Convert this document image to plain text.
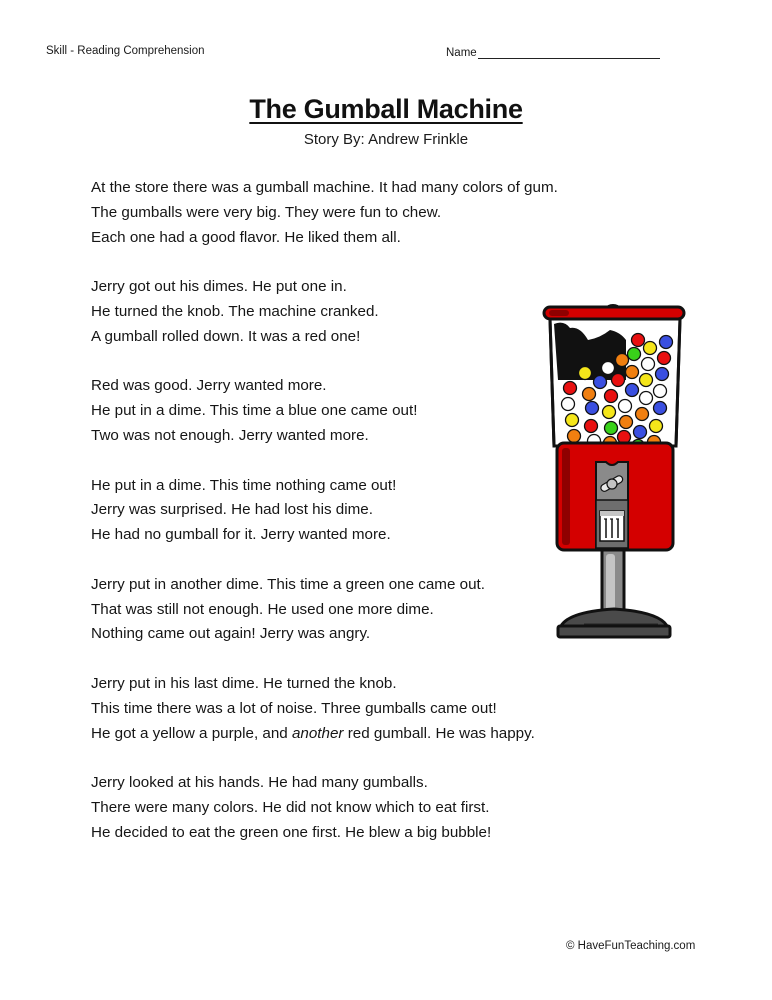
Skill - Reading Comprehension	Name
The Gumball Machine
Story By: Andrew Frinkle

At the store there was a gumball machine. It had many colors of gum.
The gumballs were very big. They were fun to chew.
Each one had a good flavor. He liked them all.

Jerry got out his dimes. He put one in.
He turned the knob. The machine cranked.
A gumball rolled down. It was a red one!

Red was good. Jerry wanted more.
He put in a dime. This time a blue one came out!
Two was not enough. Jerry wanted more.

He put in a dime. This time nothing came out!
Jerry was surprised. He had lost his dime.
He had no gumball for it. Jerry wanted more.

Jerry put in another dime. This time a green one came out.
That was still not enough. He used one more dime.
Nothing came out again! Jerry was angry.

Jerry put in his last dime. He turned the knob.
This time there was a lot of noise. Three gumballs came out!
He got a yellow a purple, and another red gumball. He was happy.

Jerry looked at his hands. He had many gumballs.
There were many colors. He did not know which to eat first.
He decided to eat the green one first. He blew a big bubble!

© HaveFunTeaching.com
